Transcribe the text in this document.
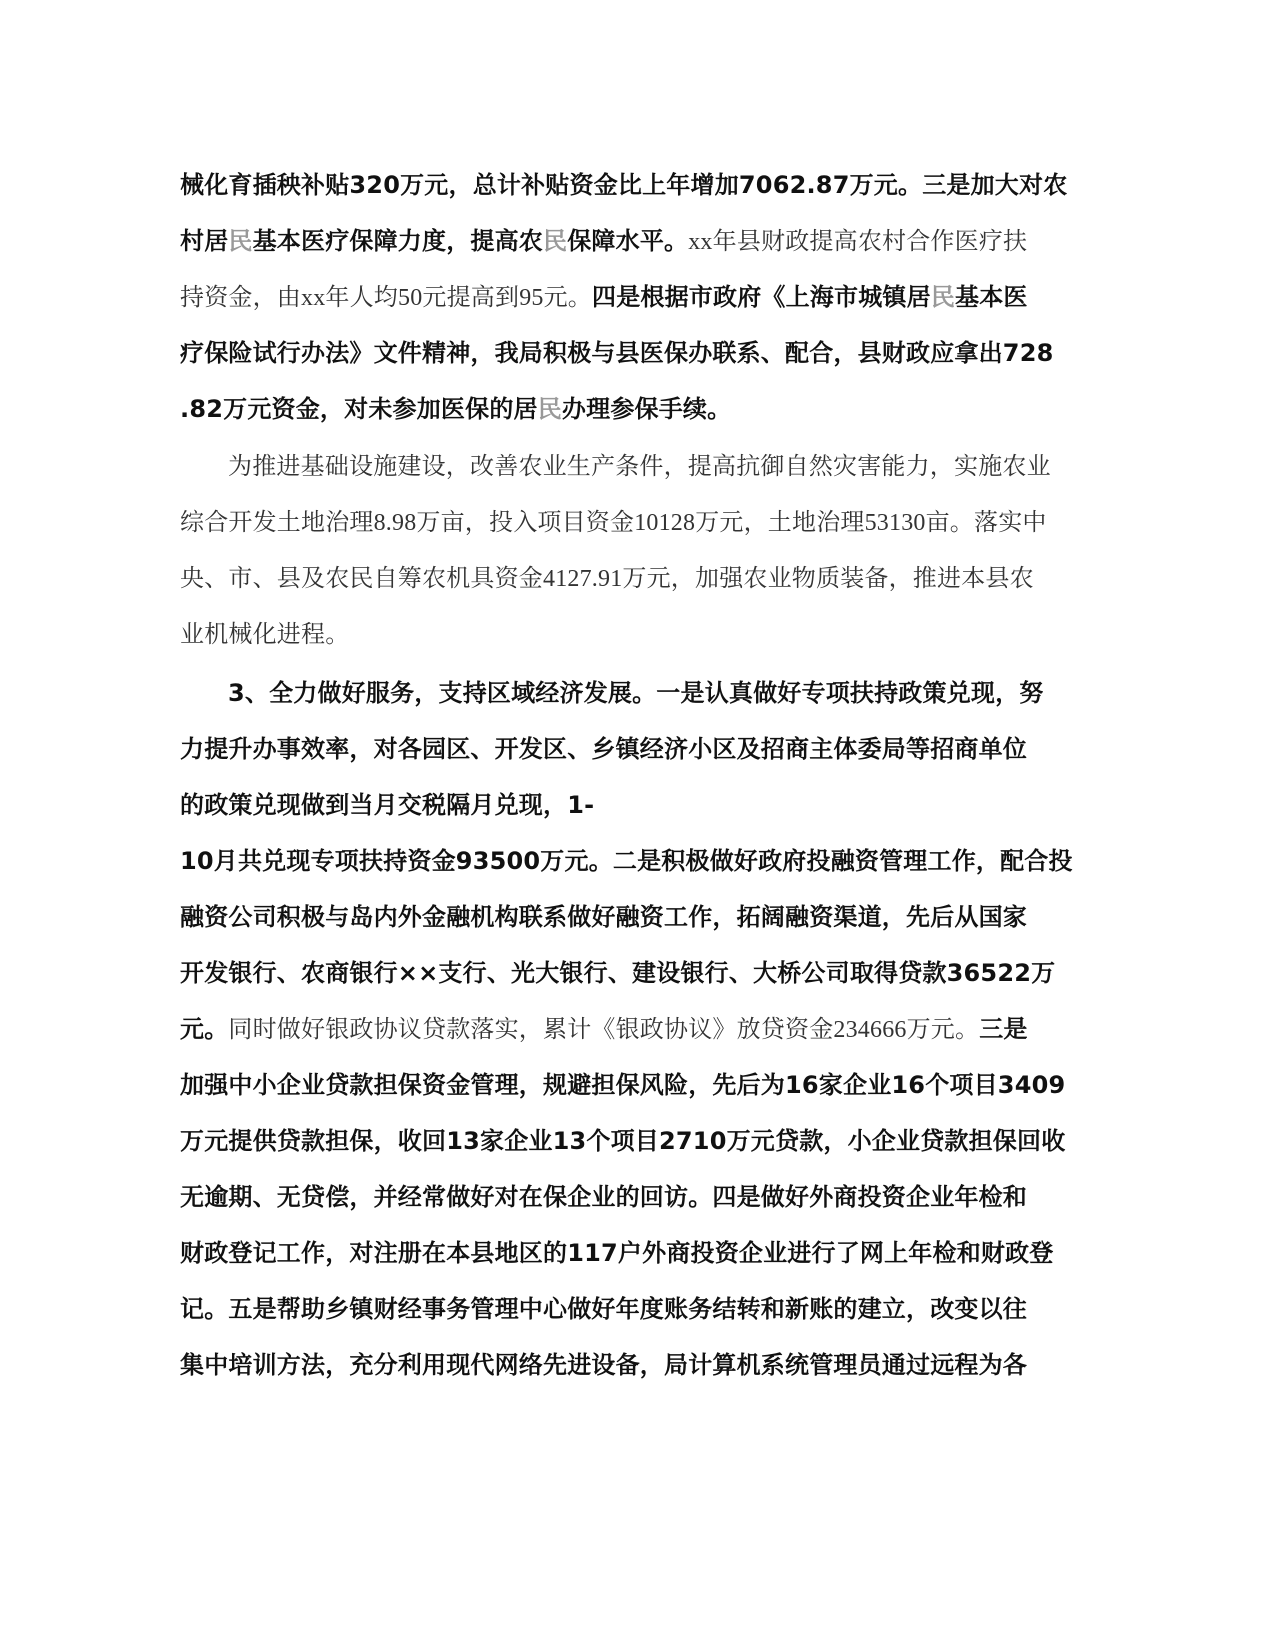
械化育插秧补贴320万元，总计补贴资金比上年增加7062.87万元。三是加大对农
村居民基本医疗保障力度，提高农民保障水平。xx年县财政提高农村合作医疗扶
持资金，由xx年人均50元提高到95元。四是根据市政府《上海市城镇居民基本医
疗保险试行办法》文件精神，我局积极与县医保办联系、配合，县财政应拿出728
.82万元资金，对未参加医保的居民办理参保手续。
为推进基础设施建设，改善农业生产条件，提高抗御自然灾害能力，实施农业
综合开发土地治理8.98万亩，投入项目资金10128万元，土地治理53130亩。落实中
央、市、县及农民自筹农机具资金4127.91万元，加强农业物质装备，推进本县农
业机械化进程。
3、全力做好服务，支持区域经济发展。一是认真做好专项扶持政策兑现，努
力提升办事效率，对各园区、开发区、乡镇经济小区及招商主体委局等招商单位
的政策兑现做到当月交税隔月兑现，1-
10月共兑现专项扶持资金93500万元。二是积极做好政府投融资管理工作，配合投
融资公司积极与岛内外金融机构联系做好融资工作，拓阔融资渠道，先后从国家
开发银行、农商银行××支行、光大银行、建设银行、大桥公司取得贷款36522万
元。同时做好银政协议贷款落实，累计《银政协议》放贷资金234666万元。三是
加强中小企业贷款担保资金管理，规避担保风险，先后为16家企业16个项目3409
万元提供贷款担保，收回13家企业13个项目2710万元贷款，小企业贷款担保回收
无逾期、无贷偿，并经常做好对在保企业的回访。四是做好外商投资企业年检和
财政登记工作，对注册在本县地区的117户外商投资企业进行了网上年检和财政登
记。五是帮助乡镇财经事务管理中心做好年度账务结转和新账的建立，改变以往
集中培训方法，充分利用现代网络先进设备，局计算机系统管理员通过远程为各
